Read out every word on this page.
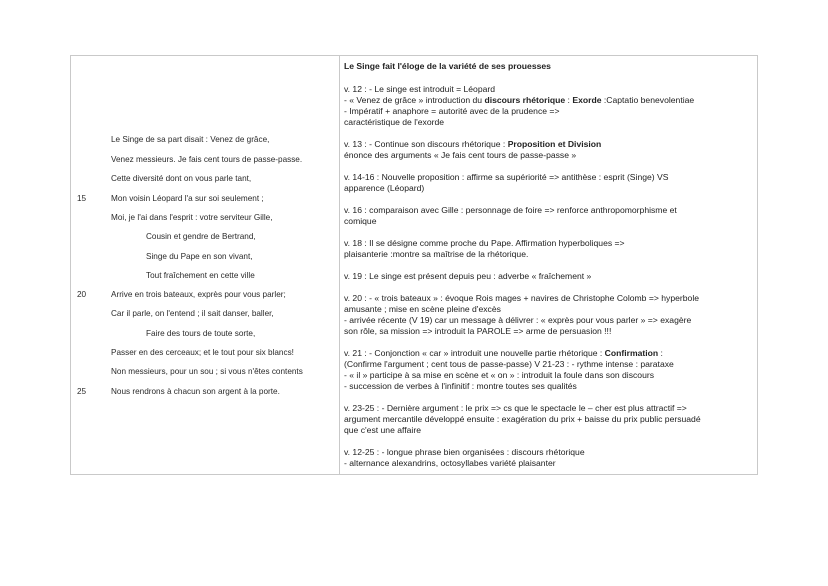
Le Singe de sa part disait : Venez de grâce,
Venez messieurs. Je fais cent tours de passe-passe.
Cette diversité dont on vous parle tant,
Mon voisin Léopard l'a sur soi seulement ;
Moi, je l'ai dans l'esprit : votre serviteur Gille,
Cousin et gendre de Bertrand,
Singe du Pape en son vivant,
Tout fraîchement en cette ville
Arrive en trois bateaux, exprès pour vous parler;
Car il parle, on l'entend ; il sait danser, baller,
Faire des tours de toute sorte,
Passer en des cerceaux; et le tout pour six blancs!
Non messieurs, pour un sou ; si vous n'êtes contents
Nous rendrons à chacun son argent à la porte.
15
20
25
Le Singe fait l'éloge de la variété de ses prouesses
v. 12 : - Le singe est introduit = Léopard
- « Venez de grâce » introduction du discours rhétorique : Exorde :Captatio benevolentiae
- Impératif + anaphore = autorité avec de la prudence =>
caractéristique de l'exorde
v. 13 : - Continue son discours rhétorique : Proposition et Division
énonce des arguments « Je fais cent tours de passe-passe »
v. 14-16 : Nouvelle proposition : affirme sa supériorité => antithèse : esprit (Singe) VS
apparence (Léopard)
v. 16 : comparaison avec Gille : personnage de foire => renforce anthropomorphisme et
comique
v. 18 : Il se désigne comme proche du Pape. Affirmation hyperboliques =>
plaisanterie :montre sa maîtrise de la rhétorique.
v. 19 : Le singe est présent depuis peu : adverbe « fraîchement »
v. 20 : - « trois bateaux » : évoque Rois mages + navires de Christophe Colomb => hyperbole
amusante ; mise en scène pleine d'excès
- arrivée récente (V 19) car un message à délivrer : « exprès pour vous parler » => exagère
son rôle, sa mission => introduit la PAROLE => arme de persuasion !!!
v. 21 : - Conjonction « car » introduit une nouvelle partie rhétorique : Confirmation :
(Confirme l'argument ; cent tous de passe-passe) V 21-23 : - rythme intense : parataxe
- « il » participe à sa mise en scène et « on » : introduit la foule dans son discours
- succession de verbes à l'infinitif : montre toutes ses qualités
v. 23-25 : - Dernière argument : le prix => cs que le spectacle le – cher est plus attractif =>
argument mercantile développé ensuite : exagération du prix + baisse du prix public persuadé
que c'est une affaire
v. 12-25 : - longue phrase bien organisées : discours rhétorique
- alternance alexandrins, octosyllabes variété plaisanter
